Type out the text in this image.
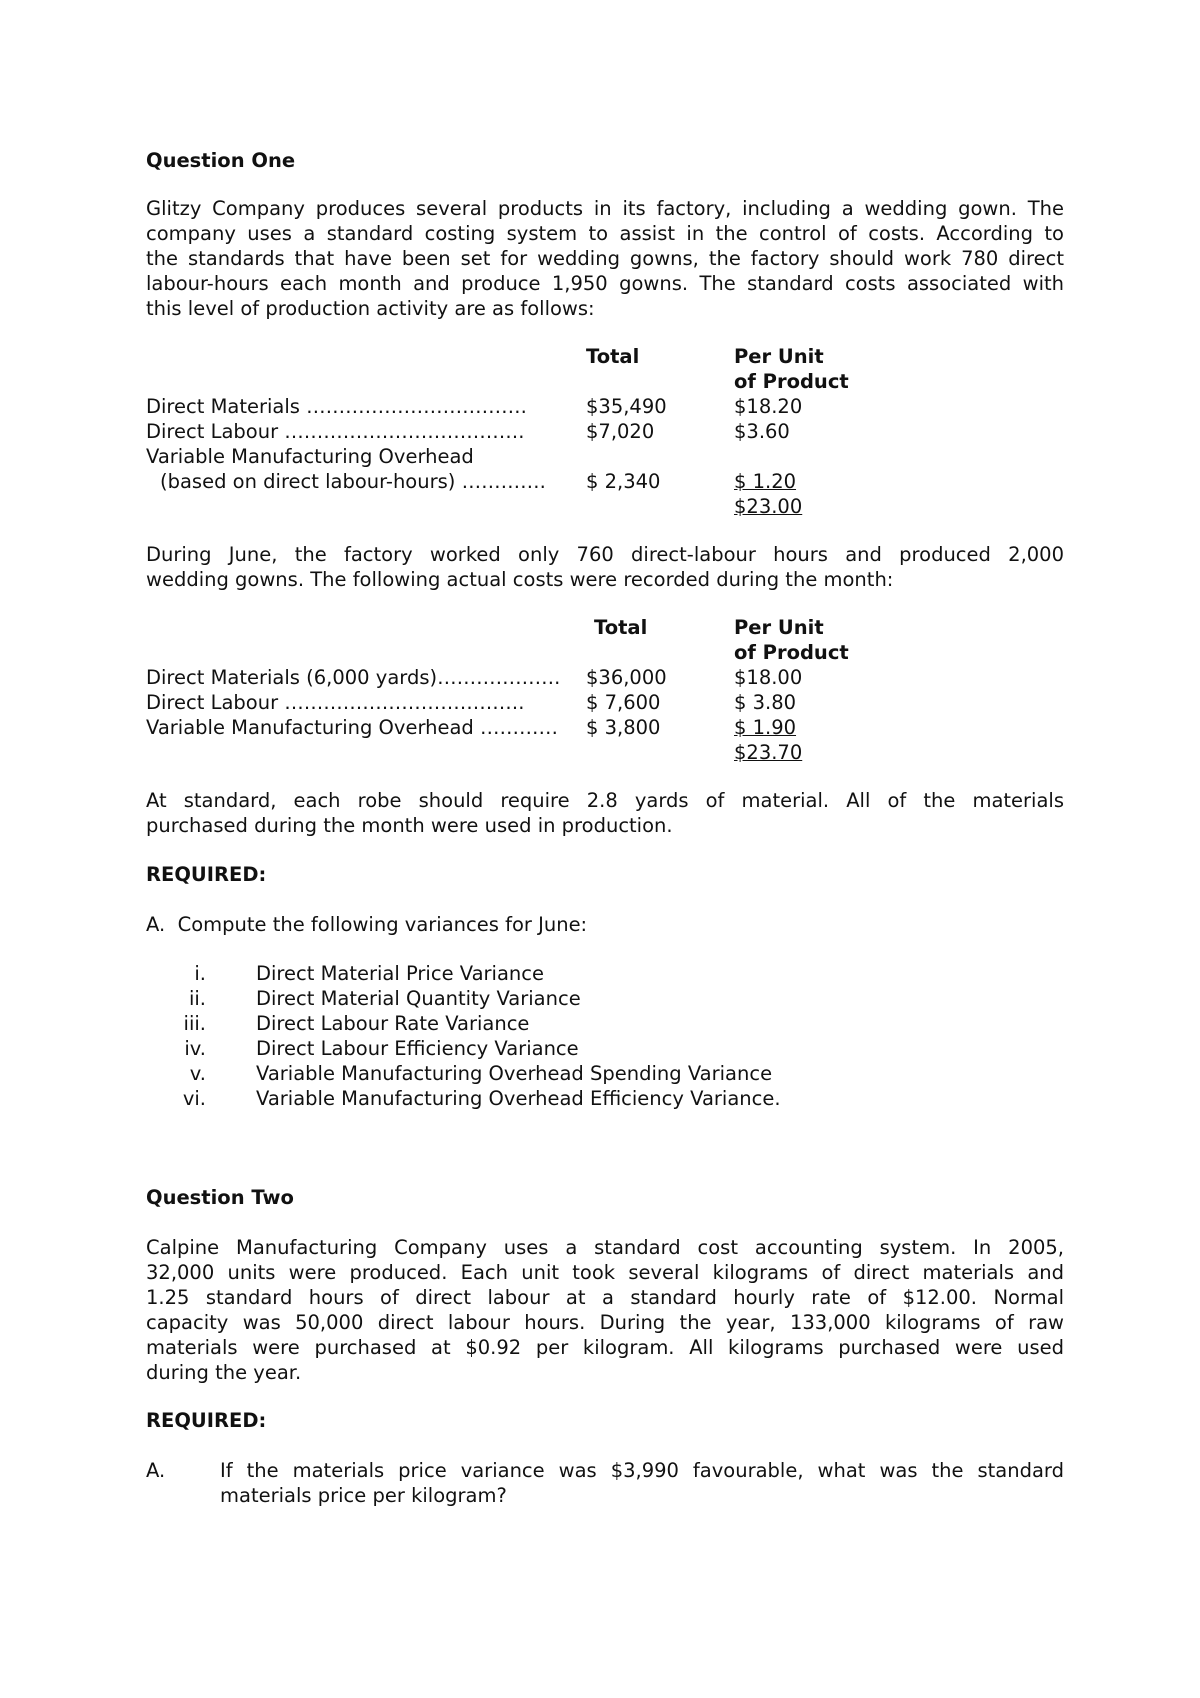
Question One

Glitzy Company produces several products in its factory, including a wedding gown. The
company uses a standard costing system to assist in the control of costs. According to
the standards that have been set for wedding gowns, the factory should work 780 direct
labour-hours each month and produce 1,950 gowns. The standard costs associated with
this level of production activity are as follows:
Total	Per Unit
of Product
Direct Materials …………………………….	$35,490	$18.20
Direct Labour ……………………………….	$7,020	$3.60
Variable Manufacturing Overhead
(based on direct labour-hours) …………. $ 2,340	$ 1.20
$23.00
During June, the factory worked only 760 direct-labour hours and produced 2,000
wedding gowns. The following actual costs were recorded during the month:
Total	Per Unit
of Product
Direct Materials (6,000 yards)………………. $36,000	$18.00
Direct Labour ……………………………….	$ 7,600	$ 3.80
Variable Manufacturing Overhead ………… $ 3,800	$ 1.90
$23.70
At standard, each robe should require 2.8 yards of material. All of the materials
purchased during the month were used in production.

REQUIRED:

A.  Compute the following variances for June:

i.	Direct Material Price Variance
ii.	Direct Material Quantity Variance
iii.	Direct Labour Rate Variance
iv.	Direct Labour Efficiency Variance
v.	Variable Manufacturing Overhead Spending Variance
vi.	Variable Manufacturing Overhead Efficiency Variance.

Question Two

Calpine Manufacturing Company uses a standard cost accounting system. In 2005,
32,000 units were produced. Each unit took several kilograms of direct materials and
1.25 standard hours of direct labour at a standard hourly rate of $12.00. Normal
capacity was 50,000 direct labour hours. During the year, 133,000 kilograms of raw
materials were purchased at $0.92 per kilogram. All kilograms purchased were used
during the year.

REQUIRED:

A.	If the materials price variance was $3,990 favourable, what was the standard
materials price per kilogram?
